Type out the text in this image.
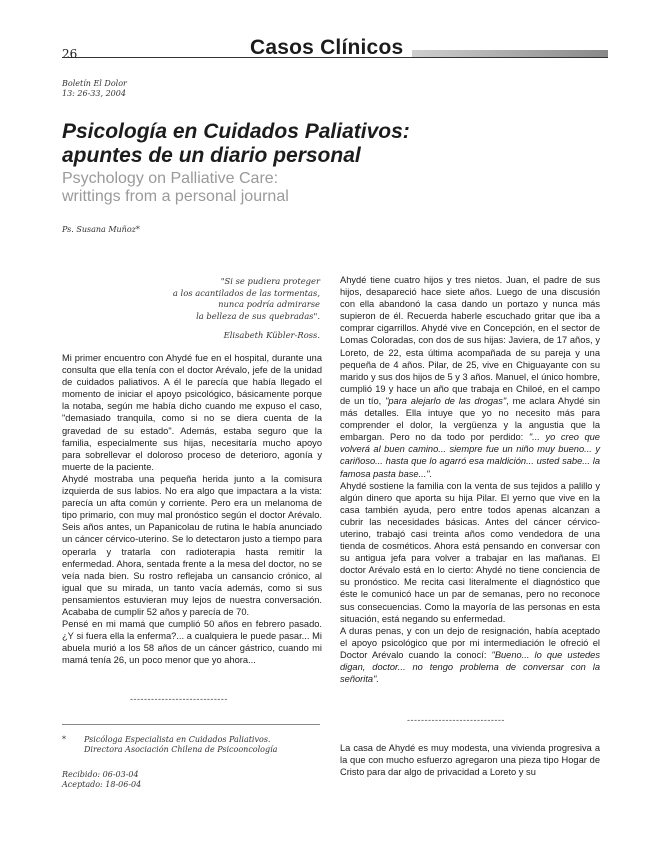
26	Casos Clínicos
Boletín El Dolor
13: 26-33, 2004
Psicología en Cuidados Paliativos:
apuntes de un diario personal
Psychology on Palliative Care:
writtings from a personal journal
Ps. Susana Muñoz*
"Si se pudiera proteger
a los acantilados de las tormentas,
nunca podría admirarse
la belleza de sus quebradas".
Elisabeth Kübler-Ross.

Mi primer encuentro con Ahydé fue en el hospital, durante una consulta que ella tenía con el doctor Arévalo, jefe de la unidad de cuidados paliativos. A él le parecía que había llegado el momento de iniciar el apoyo psicológico, básicamente porque la notaba, según me había dicho cuando me expuso el caso, "demasiado tranquila, como si no se diera cuenta de la gravedad de su estado". Además, estaba seguro que la familia, especialmente sus hijas, necesitaría mucho apoyo para sobrellevar el doloroso proceso de deterioro, agonía y muerte de la paciente.

Ahydé mostraba una pequeña herida junto a la comisura izquierda de sus labios. No era algo que impactara a la vista: parecía un afta común y corriente. Pero era un melanoma de tipo primario, con muy mal pronóstico según el doctor Arévalo. Seis años antes, un Papanicolau de rutina le había anunciado un cáncer cérvico-uterino. Se lo detectaron justo a tiempo para operarla y tratarla con radioterapia hasta remitir la enfermedad. Ahora, sentada frente a la mesa del doctor, no se veía nada bien. Su rostro reflejaba un cansancio crónico, al igual que su mirada, un tanto vacía además, como si sus pensamientos estuvieran muy lejos de nuestra conversación. Acababa de cumplir 52 años y parecía de 70.

Pensé en mi mamá que cumplió 50 años en febrero pasado. ¿Y si fuera ella la enferma?... a cualquiera le puede pasar... Mi abuela murió a los 58 años de un cáncer gástrico, cuando mi mamá tenía 26, un poco menor que yo ahora...

----------------------------
* Psicóloga Especialista en Cuidados Paliativos.
Directora Asociación Chilena de Psicooncología
Recibido: 06-03-04
Aceptado: 18-06-04

Ahydé tiene cuatro hijos y tres nietos. Juan, el padre de sus hijos, desapareció hace siete años. Luego de una discusión con ella abandonó la casa dando un portazo y nunca más supieron de él. Recuerda haberle escuchado gritar que iba a comprar cigarrillos. Ahydé vive en Concepción, en el sector de Lomas Coloradas, con dos de sus hijas: Javiera, de 17 años, y Loreto, de 22, esta última acompañada de su pareja y una pequeña de 4 años. Pilar, de 25, vive en Chiguayante con su marido y sus dos hijos de 5 y 3 años. Manuel, el único hombre, cumplió 19 y hace un año que trabaja en Chiloé, en el campo de un tío, "para alejarlo de las drogas", me aclara Ahydé sin más detalles. Ella intuye que yo no necesito más para comprender el dolor, la vergüenza y la angustia que la embargan. Pero no da todo por perdido: "... yo creo que volverá al buen camino... siempre fue un niño muy bueno... y cariñoso... hasta que lo agarró esa maldición... usted sabe... la famosa pasta base...".

Ahydé sostiene la familia con la venta de sus tejidos a palillo y algún dinero que aporta su hija Pilar. El yerno que vive en la casa también ayuda, pero entre todos apenas alcanzan a cubrir las necesidades básicas. Antes del cáncer cérvico-uterino, trabajó casi treinta años como vendedora de una tienda de cosméticos. Ahora está pensando en conversar con su antigua jefa para volver a trabajar en las mañanas. El doctor Arévalo está en lo cierto: Ahydé no tiene conciencia de su pronóstico. Me recita casi literalmente el diagnóstico que éste le comunicó hace un par de semanas, pero no reconoce sus consecuencias. Como la mayoría de las personas en esta situación, está negando su enfermedad.

A duras penas, y con un dejo de resignación, había aceptado el apoyo psicológico que por mi intermediación le ofreció el Doctor Arévalo cuando la conocí: "Bueno... lo que ustedes digan, doctor... no tengo problema de conversar con la señorita".

----------------------------

La casa de Ahydé es muy modesta, una vivienda progresiva a la que con mucho esfuerzo agregaron una pieza tipo Hogar de Cristo para dar algo de privacidad a Loreto y su
